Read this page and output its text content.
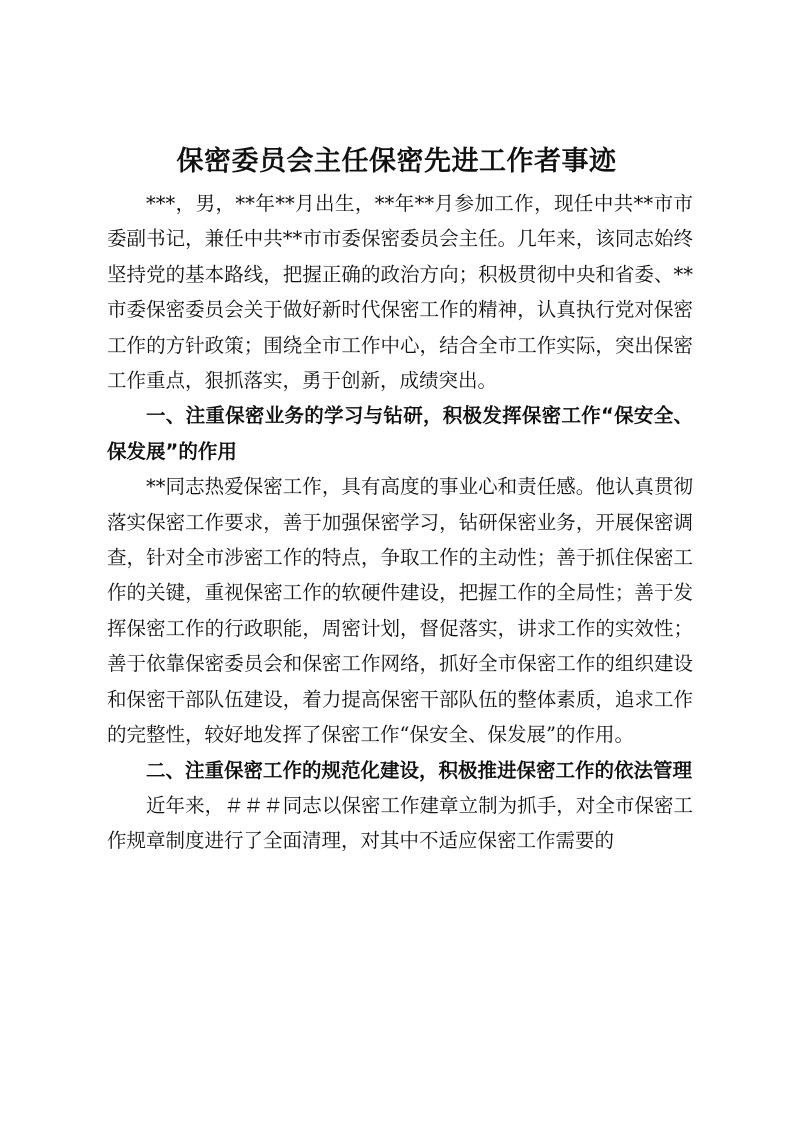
保密委员会主任保密先进工作者事迹

***，男，**年**月出生，**年**月参加工作，现任中共**市市委副书记，兼任中共**市市委保密委员会主任。几年来，该同志始终坚持党的基本路线，把握正确的政治方向；积极贯彻中央和省委、**市委保密委员会关于做好新时代保密工作的精神，认真执行党对保密工作的方针政策；围绕全市工作中心，结合全市工作实际，突出保密工作重点，狠抓落实，勇于创新，成绩突出。

一、注重保密业务的学习与钻研，积极发挥保密工作“保安全、保发展”的作用

**同志热爱保密工作，具有高度的事业心和责任感。他认真贯彻落实保密工作要求，善于加强保密学习，钻研保密业务，开展保密调查，针对全市涉密工作的特点，争取工作的主动性；善于抓住保密工作的关键，重视保密工作的软硬件建设，把握工作的全局性；善于发挥保密工作的行政职能，周密计划，督促落实，讲求工作的实效性；善于依靠保密委员会和保密工作网络，抓好全市保密工作的组织建设和保密干部队伍建设，着力提高保密干部队伍的整体素质，追求工作的完整性，较好地发挥了保密工作“保安全、保发展”的作用。

二、注重保密工作的规范化建设，积极推进保密工作的依法管理

近年来，＃＃＃同志以保密工作建章立制为抓手，对全市保密工作规章制度进行了全面清理，对其中不适应保密工作需要的
